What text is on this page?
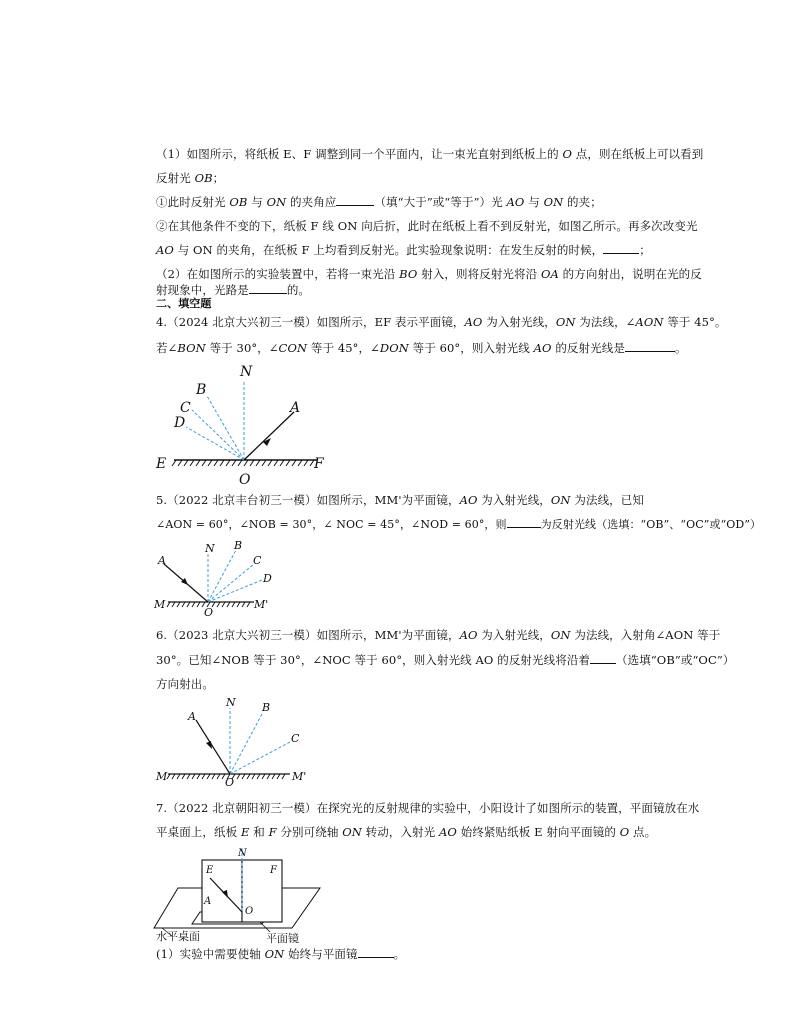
（1）如图所示，将纸板 E、F 调整到同一个平面内，让一束光直射到纸板上的 O 点，则在纸板上可以看到
反射光 OB；
①此时反射光 OB 与 ON 的夹角应	（填“大于”或“等于”）光 AO 与 ON 的夹；
②在其他条件不变的下，纸板 F 线 ON 向后折，此时在纸板上看不到反射光，如图乙所示。再多次改变光
AO 与 ON 的夹角，在纸板 F 上均看到反射光。此实验现象说明：在发生反射的时候，	；
（2）在如图所示的实验装置中，若将一束光沿 BO 射入，则将反射光将沿 OA 的方向射出，说明在光的反
射现象中，光路是	的。
二、填空题
4.（2024 北京大兴初三一模）如图所示，EF 表示平面镜，AO 为入射光线，ON 为法线，∠AON 等于 45°。
若∠BON 等于 30°，∠CON 等于 45°，∠DON 等于 60°，则入射光线 AO 的反射光线是	。
N
B
C
D
A
E	F
O
5.（2022 北京丰台初三一模）如图所示，MM'为平面镜，AO 为入射光线，ON 为法线，已知
∠AON = 60°，∠NOB = 30°，∠ NOC = 45°，∠NOD = 60°，则	为反射光线（选填：“OB”、“OC”或“OD”）
N B
C
D
A
M	M'
O
6.（2023 北京大兴初三一模）如图所示，MM'为平面镜，AO 为入射光线，ON 为法线，入射角∠AON 等于
30°。已知∠NOB 等于 30°，∠NOC 等于 60°，则入射光线 AO 的反射光线将沿着 （选填“OB”或“OC”）
方向射出。
N B
C
A
M	M'
O
7.（2022 北京朝阳初三一模）在探究光的反射规律的实验中，小阳设计了如图所示的装置，平面镜放在水
平桌面上，纸板 E 和 F 分别可绕轴 ON 转动，入射光 AO 始终紧贴纸板 E 射向平面镜的 O 点。
N
E	F
A
O
水平桌面	平面镜
(1）实验中需要使轴 ON 始终与平面镜	。
